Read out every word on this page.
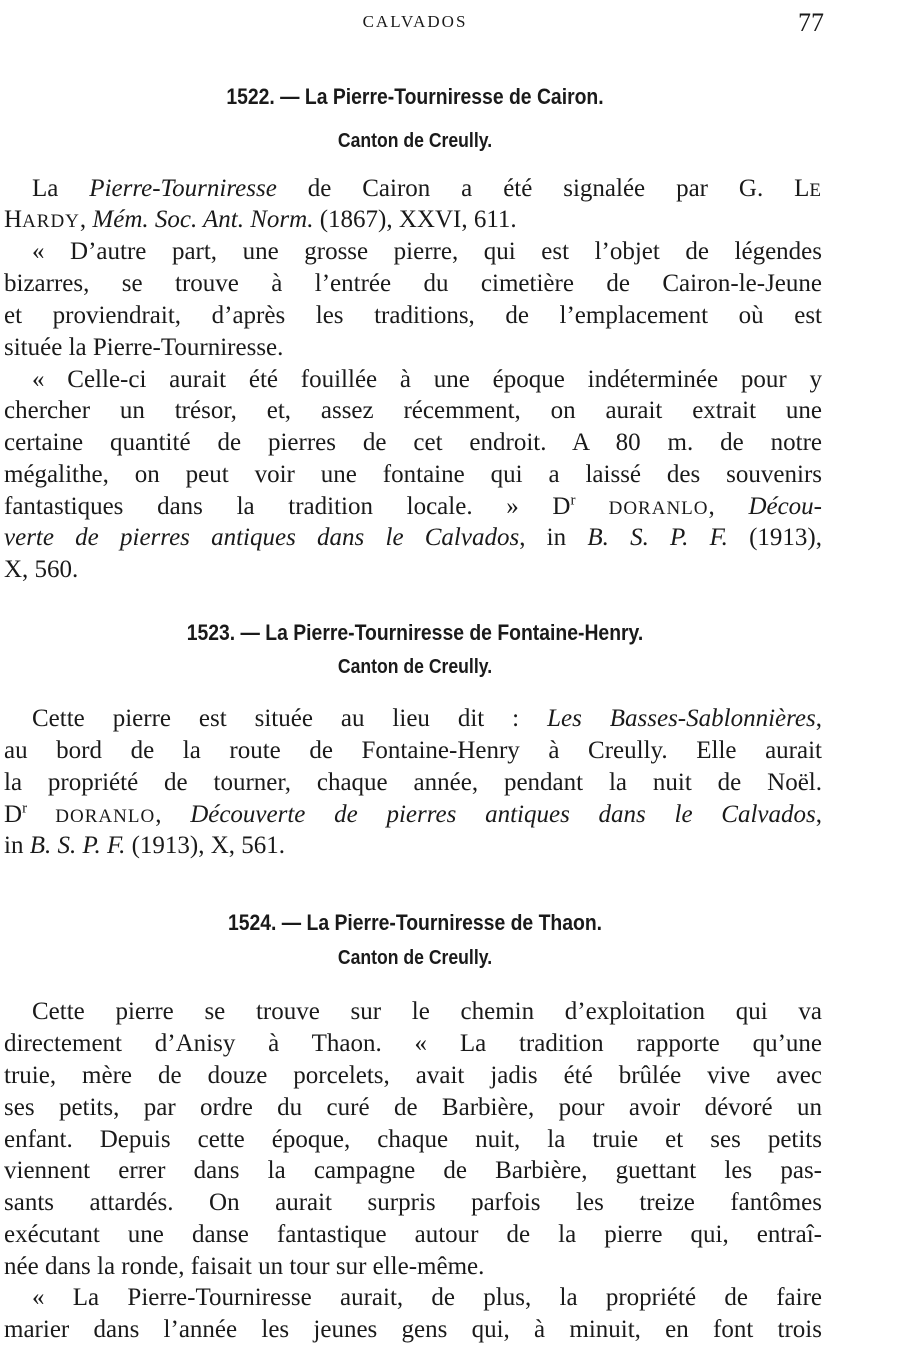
CALVADOS	77
1522. — La Pierre-Tourniresse de Cairon.
Canton de Creully.
La Pierre-Tourniresse de Cairon a été signalée par G. LE
HARDY, Mém. Soc. Ant. Norm. (1867), XXVI, 611.
« D’autre part, une grosse pierre, qui est l’objet de légendes
bizarres, se trouve à l’entrée du cimetière de Cairon-le-Jeune
et proviendrait, d’après les traditions, de l’emplacement où est
située la Pierre-Tourniresse.
« Celle-ci aurait été fouillée à une époque indéterminée pour y
chercher un trésor, et, assez récemment, on aurait extrait une
certaine quantité de pierres de cet endroit. A 80 m. de notre
mégalithe, on peut voir une fontaine qui a laissé des souvenirs
fantastiques dans la tradition locale. » $D^r$ DORANLO, Décou-
verte de pierres antiques dans le Calvados, in B. S. P. F. (1913),
X, 560.
1523. — La Pierre-Tourniresse de Fontaine-Henry.
Canton de Creully.
Cette pierre est située au lieu dit : Les Basses-Sablonnières,
au bord de la route de Fontaine-Henry à Creully. Elle aurait
la propriété de tourner, chaque année, pendant la nuit de Noël.
$D^r$ DORANLO, Découverte de pierres antiques dans le Calvados,
in B. S. P. F. (1913), X, 561.
1524. — La Pierre-Tourniresse de Thaon.
Canton de Creully.
Cette pierre se trouve sur le chemin d’exploitation qui va
directement d’Anisy à Thaon. « La tradition rapporte qu’une
truie, mère de douze porcelets, avait jadis été brûlée vive avec
ses petits, par ordre du curé de Barbière, pour avoir dévoré un
enfant. Depuis cette époque, chaque nuit, la truie et ses petits
viennent errer dans la campagne de Barbière, guettant les pas-
sants attardés. On aurait surpris parfois les treize fantômes
exécutant une danse fantastique autour de la pierre qui, entraî-
née dans la ronde, faisait un tour sur elle-même.
« La Pierre-Tourniresse aurait, de plus, la propriété de faire
marier dans l’année les jeunes gens qui, à minuit, en font trois
